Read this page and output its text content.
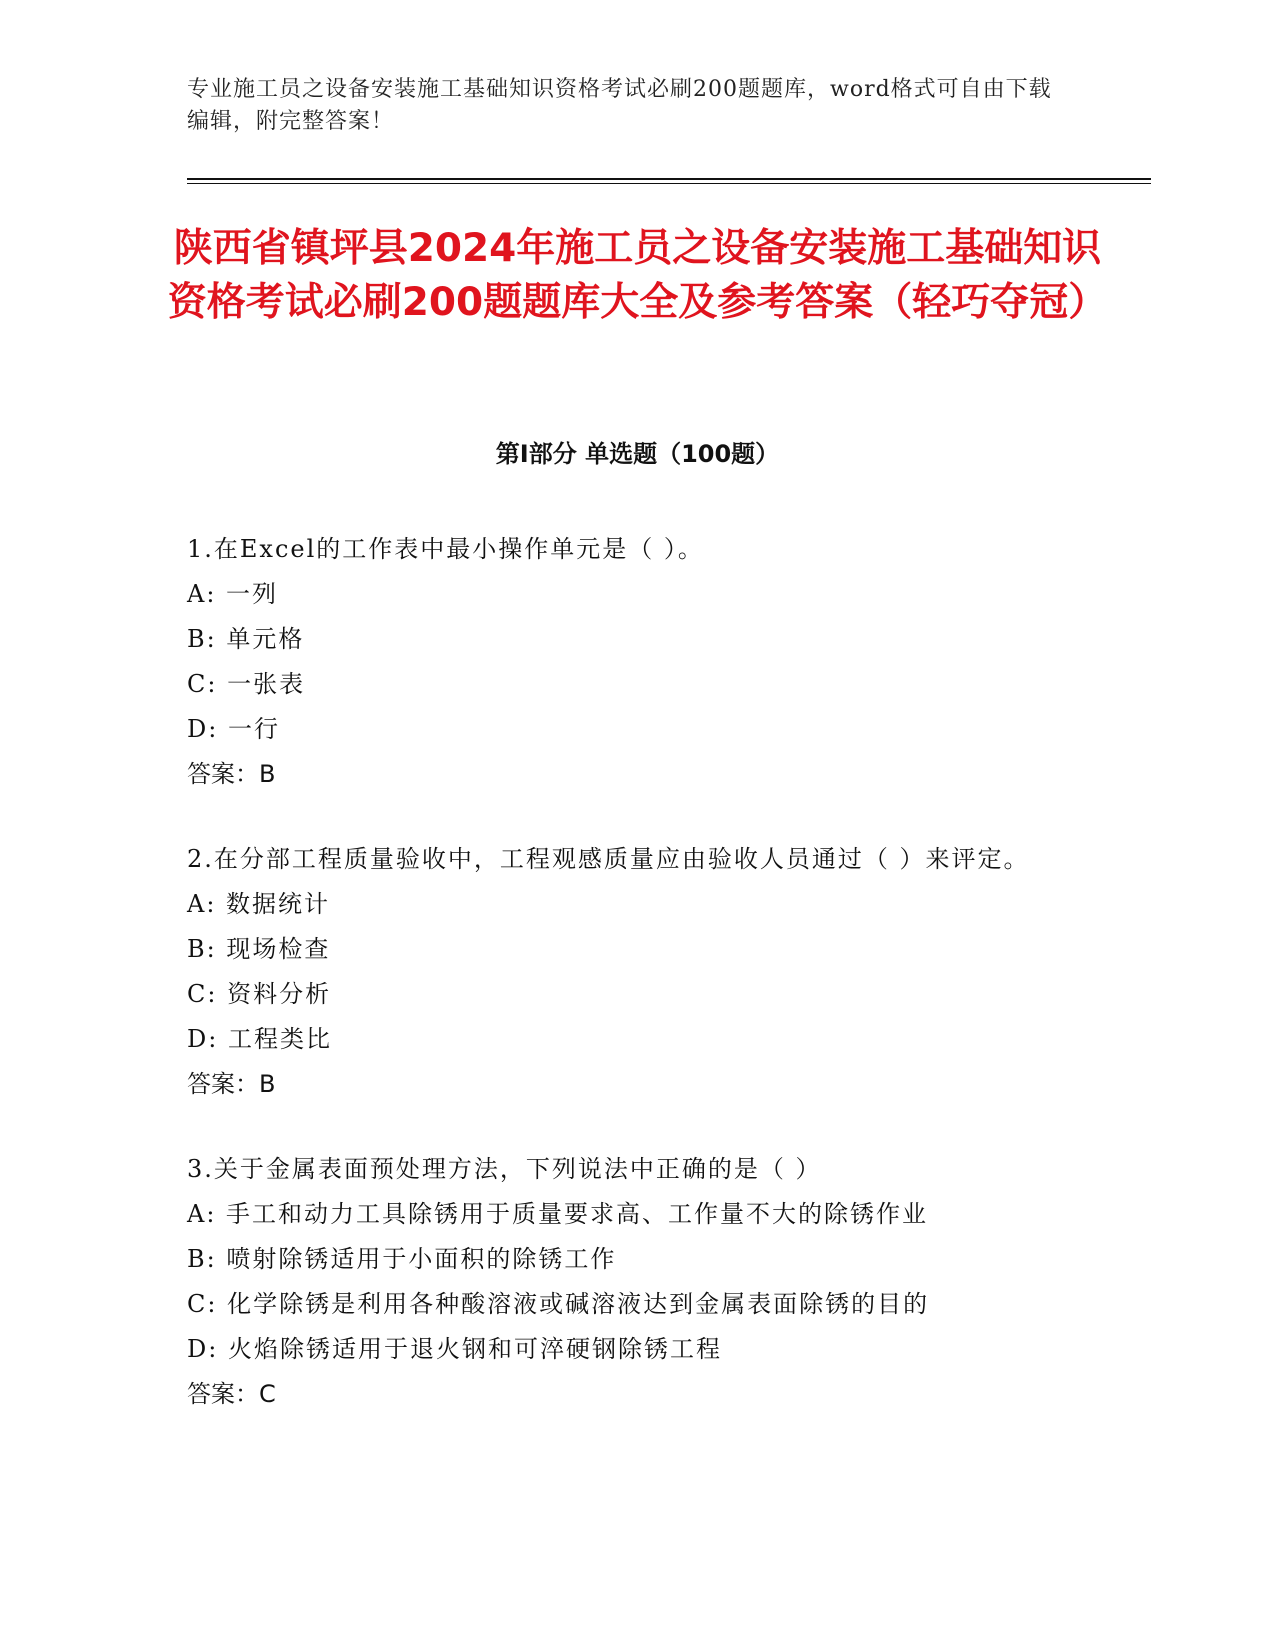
专业施工员之设备安装施工基础知识资格考试必刷200题题库，word格式可自由下载编辑，附完整答案！
陕西省镇坪县2024年施工员之设备安装施工基础知识资格考试必刷200题题库大全及参考答案（轻巧夺冠）
第Ⅰ部分 单选题（100题）
1.在Excel的工作表中最小操作单元是（ ）。
A: 一列
B: 单元格
C: 一张表
D: 一行
答案：B
2.在分部工程质量验收中，工程观感质量应由验收人员通过（ ）来评定。
A: 数据统计
B: 现场检查
C: 资料分析
D: 工程类比
答案：B
3.关于金属表面预处理方法，下列说法中正确的是（ ）
A: 手工和动力工具除锈用于质量要求高、工作量不大的除锈作业
B: 喷射除锈适用于小面积的除锈工作
C: 化学除锈是利用各种酸溶液或碱溶液达到金属表面除锈的目的
D: 火焰除锈适用于退火钢和可淬硬钢除锈工程
答案：C
